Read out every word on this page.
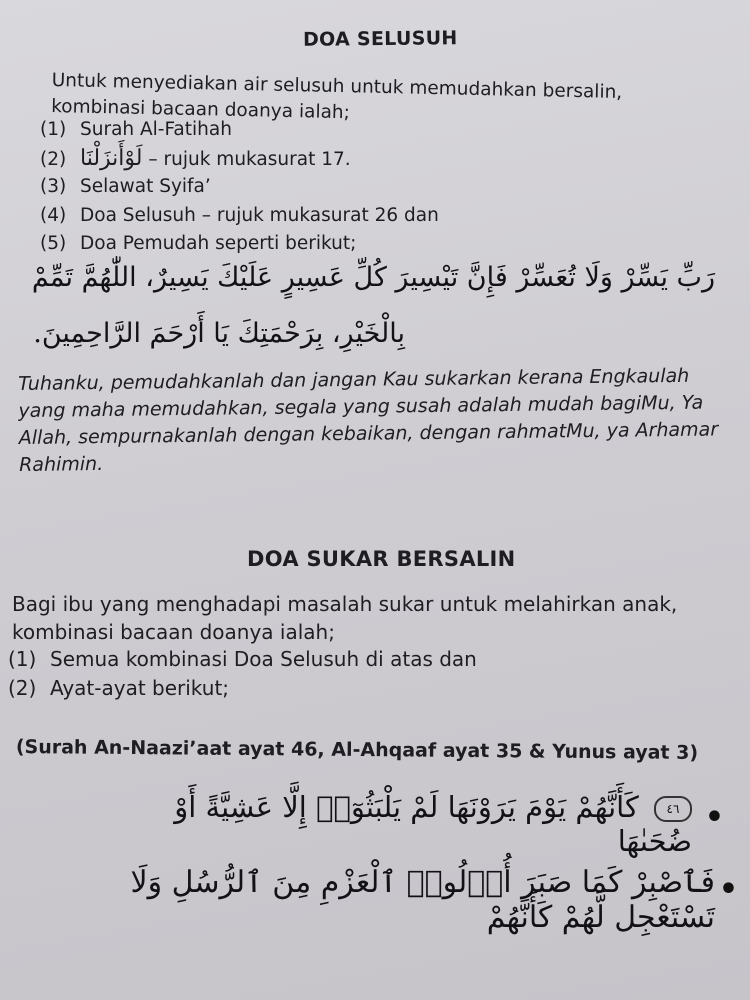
DOA SELUSUH
Untuk menyediakan air selusuh untuk memudahkan bersalin, kombinasi bacaan doanya ialah;
(1) Surah Al-Fatihah
(2) لَوْأَنزَلْنَا – rujuk mukasurat 17.
(3) Selawat Syifa’
(4) Doa Selusuh – rujuk mukasurat 26 dan
(5) Doa Pemudah seperti berikut;
رَبِّ يَسِّرْ وَلَا تُعَسِّرْ فَإِنَّ تَيْسِيرَ كُلِّ عَسِيرٍ عَلَيْكَ يَسِيرٌ، اللّٰهُمَّ تَمِّمْ
بِالْخَيْرِ، بِرَحْمَتِكَ يَا أَرْحَمَ الرَّاحِمِينَ.
Tuhanku, pemudahkanlah dan jangan Kau sukarkan kerana Engkaulah yang maha memudahkan, segala yang susah adalah mudah bagiMu, Ya Allah, sempurnakanlah dengan kebaikan, dengan rahmatMu, ya Arhamar Rahimin.
DOA SUKAR BERSALIN
Bagi ibu yang menghadapi masalah sukar untuk melahirkan anak, kombinasi bacaan doanya ialah;
(1) Semua kombinasi Doa Selusuh di atas dan
(2) Ayat-ayat berikut;
(Surah An-Naazi’aat ayat 46, Al-Ahqaaf ayat 35 & Yunus ayat 3)
٤٦ كَأَنَّهُمْ يَوْمَ يَرَوْنَهَا لَمْ يَلْبَثُوٓا۟ إِلَّا عَشِيَّةً أَوْ ضُحَىٰهَا
•
فَٱصْبِرْ كَمَا صَبَرَ أُو۟لُوا۟ ٱلْعَزْمِ مِنَ ٱلرُّسُلِ وَلَا تَسْتَعْجِل لَّهُمْ كَأَنَّهُمْ
•
